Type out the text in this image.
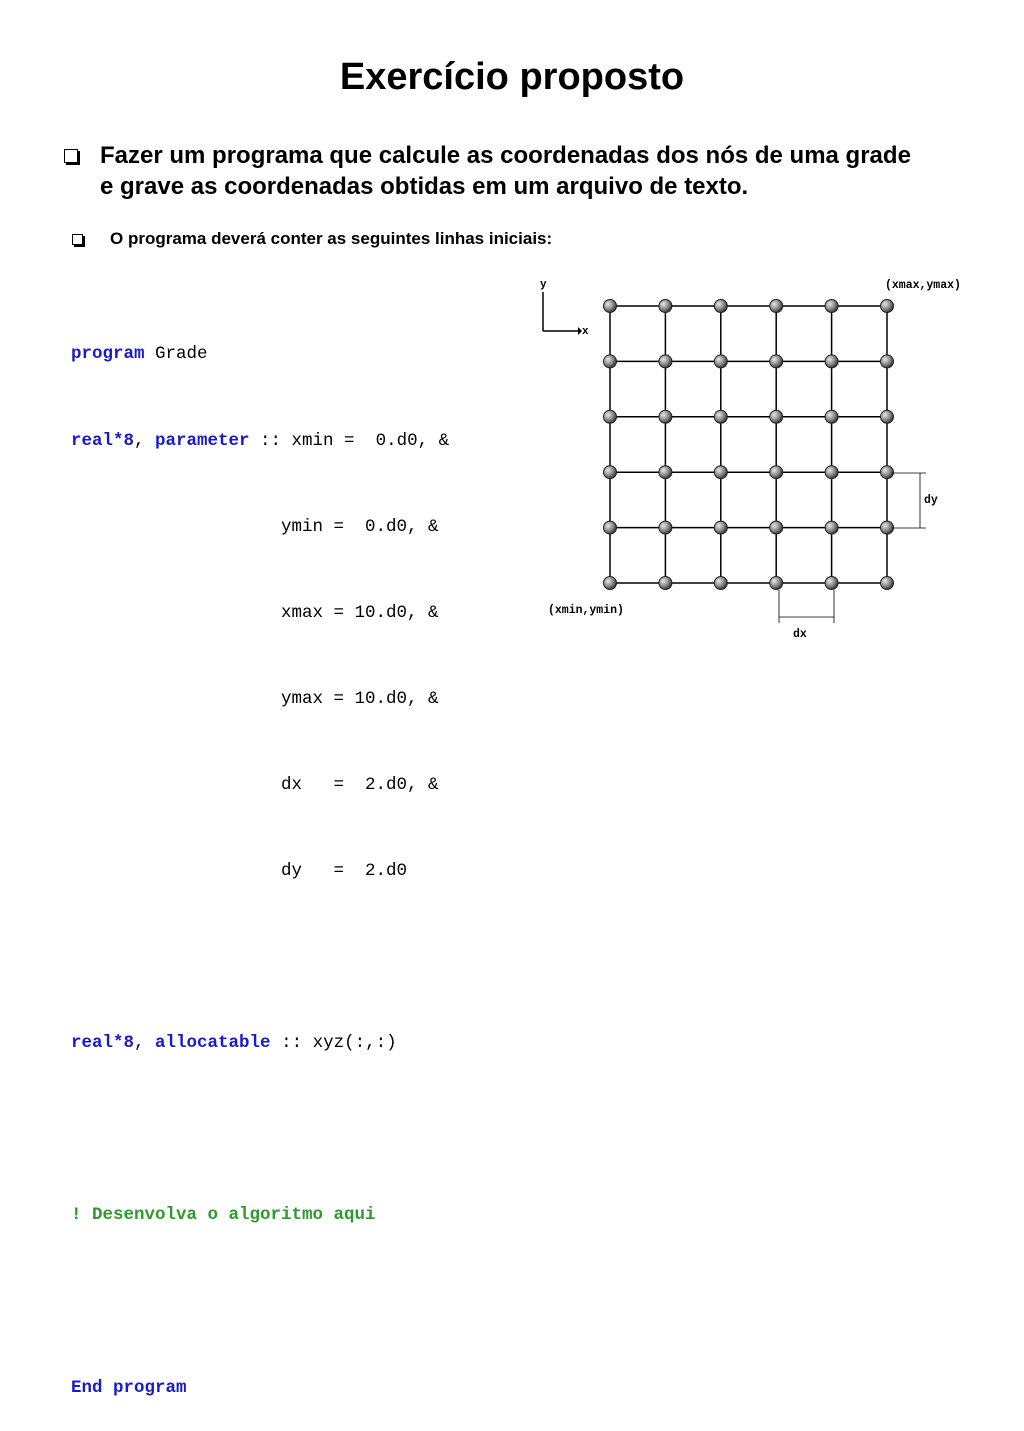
Exercício proposto
Fazer um programa que calcule as coordenadas dos nós de uma grade e grave as coordenadas obtidas em um arquivo de texto.
O programa deverá conter as seguintes linhas iniciais:

program Grade

real*8, parameter :: xmin =  0.d0, &

ymin =  0.d0, &

xmax = 10.d0, &

ymax = 10.d0, &

dx   =  2.d0, &

dy   =  2.d0

real*8, allocatable :: xyz(:,:)

! Desenvolva o algoritmo aqui

End program

y
x
(xmax,ymax)
(xmin,ymin)
dy
dx
